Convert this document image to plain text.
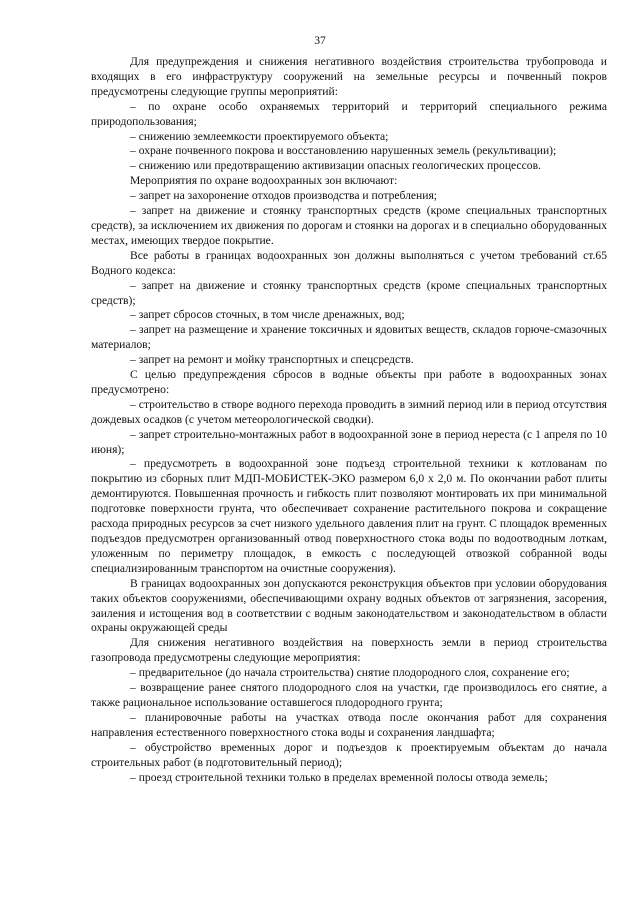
37

Для предупреждения и снижения негативного воздействия строительства трубопровода и входящих в его инфраструктуру сооружений на земельные ресурсы и почвенный покров предусмотрены следующие группы мероприятий:

– по охране особо охраняемых территорий и территорий специального режима природопользования;

– снижению землеемкости проектируемого объекта;

– охране почвенного покрова и восстановлению нарушенных земель (рекультивации);

– снижению или предотвращению активизации опасных геологических процессов.

Мероприятия по охране водоохранных зон включают:

– запрет на захоронение отходов производства и потребления;

– запрет на движение и стоянку транспортных средств (кроме специальных транспортных средств), за исключением их движения по дорогам и стоянки на дорогах и в специально оборудованных местах, имеющих твердое покрытие.

Все работы в границах водоохранных зон должны выполняться с учетом требований ст.65 Водного кодекса:

– запрет на движение и стоянку транспортных средств (кроме специальных транспортных средств);

– запрет сбросов сточных, в том числе дренажных, вод;

– запрет на размещение и хранение токсичных и ядовитых веществ, складов горюче-смазочных материалов;

– запрет на ремонт и мойку транспортных и спецсредств.

С целью предупреждения сбросов в водные объекты при работе в водоохранных зонах предусмотрено:

– строительство в створе водного перехода проводить в зимний период или в период отсутствия дождевых осадков (с учетом метеорологической сводки).

– запрет строительно-монтажных работ в водоохранной зоне в период нереста (с 1 апреля по 10 июня);

– предусмотреть в водоохранной зоне подъезд строительной техники к котлованам по покрытию из сборных плит МДП-МОБИСТЕК-ЭКО размером 6,0 х 2,0 м. По окончании работ плиты демонтируются. Повышенная прочность и гибкость плит позволяют монтировать их при минимальной подготовке поверхности грунта, что обеспечивает сохранение растительного покрова и сокращение расхода природных ресурсов за счет низкого удельного давления плит на грунт. С площадок временных подъездов предусмотрен организованный отвод поверхностного стока воды по водоотводным лоткам, уложенным по периметру площадок, в емкость с последующей отвозкой собранной воды специализированным транспортом на очистные сооружения).

В границах водоохранных зон допускаются реконструкция объектов при условии оборудования таких объектов сооружениями, обеспечивающими охрану водных объектов от загрязнения, засорения, заиления и истощения вод в соответствии с водным законодательством и законодательством в области охраны окружающей среды

Для снижения негативного воздействия на поверхность земли в период строительства газопровода предусмотрены следующие мероприятия:

– предварительное (до начала строительства) снятие плодородного слоя, сохранение его;

– возвращение ранее снятого плодородного слоя на участки, где производилось его снятие, а также рациональное использование оставшегося плодородного грунта;

– планировочные работы на участках отвода после окончания работ для сохранения направления естественного поверхностного стока воды и сохранения ландшафта;

– обустройство временных дорог и подъездов к проектируемым объектам до начала строительных работ (в подготовительный период);

– проезд строительной техники только в пределах временной полосы отвода земель;
